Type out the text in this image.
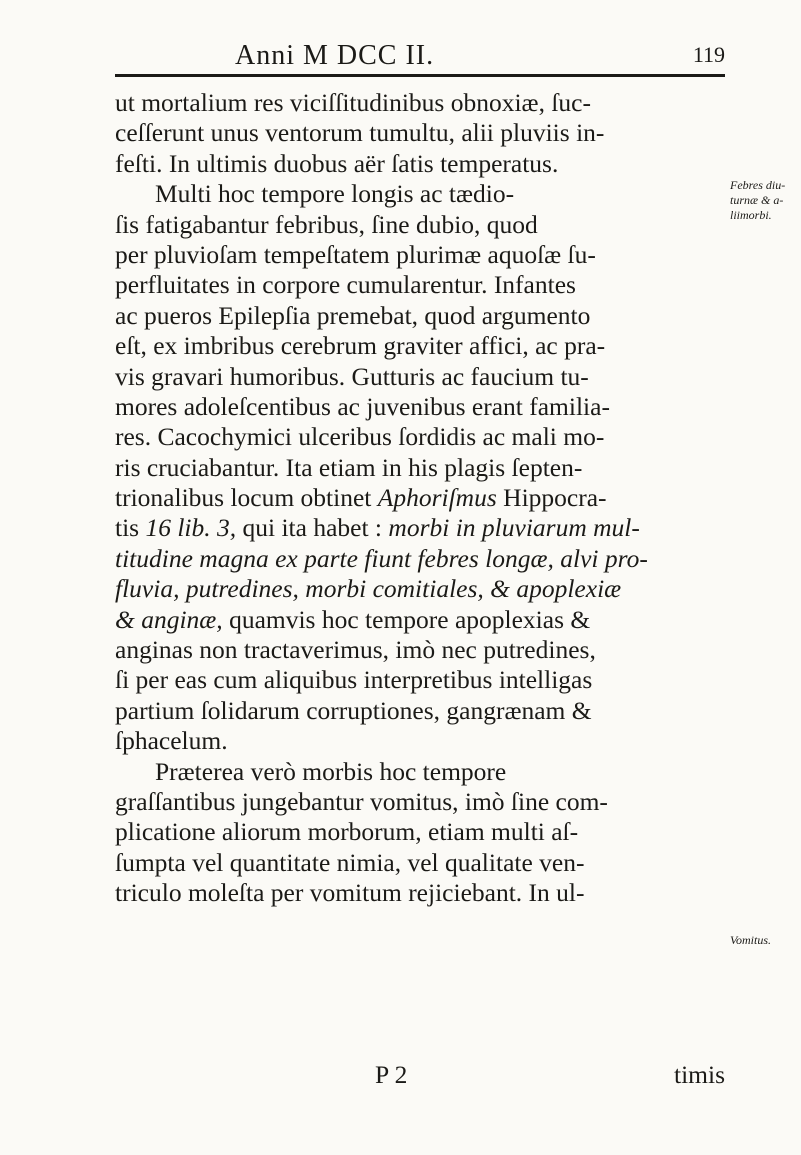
Anni M DCC II.	119
ut mortalium res viciſſitudinibus obnoxiæ, ſuc-
ceſſerunt unus ventorum tumultu, alii pluviis in-
feſti. In ultimis duobus aër ſatis temperatus.
Multi hoc tempore longis ac tædio-
ſis fatigabantur febribus, ſine dubio, quod
per pluvioſam tempeſtatem plurimæ aquoſæ ſu-
perfluitates in corpore cumularentur. Infantes
ac pueros Epilepſia premebat, quod argumento
eſt, ex imbribus cerebrum graviter affici, ac pra-
vis gravari humoribus. Gutturis ac faucium tu-
mores adoleſcentibus ac juvenibus erant familia-
res. Cacochymici ulceribus ſordidis ac mali mo-
ris cruciabantur. Ita etiam in his plagis ſepten-
trionalibus locum obtinet Aphoriſmus Hippocra-
tis 16 lib. 3, qui ita habet : morbi in pluviarum mul-
titudine magna ex parte fiunt febres longæ, alvi pro-
fluvia, putredines, morbi comitiales, & apoplexiæ
& anginæ, quamvis hoc tempore apoplexias &
anginas non tractaverimus, imò nec putredines,
ſi per eas cum aliquibus interpretibus intelligas
partium ſolidarum corruptiones, gangrænam &
ſphacelum.
Præterea verò morbis hoc tempore
graſſantibus jungebantur vomitus, imò ſine com-
plicatione aliorum morborum, etiam multi aſ-
ſumpta vel quantitate nimia, vel qualitate ven-
triculo moleſta per vomitum rejiciebant. In ul-
Febres diu-
turnæ & a-
liimorbi.
Vomitus.
P 2	timis
